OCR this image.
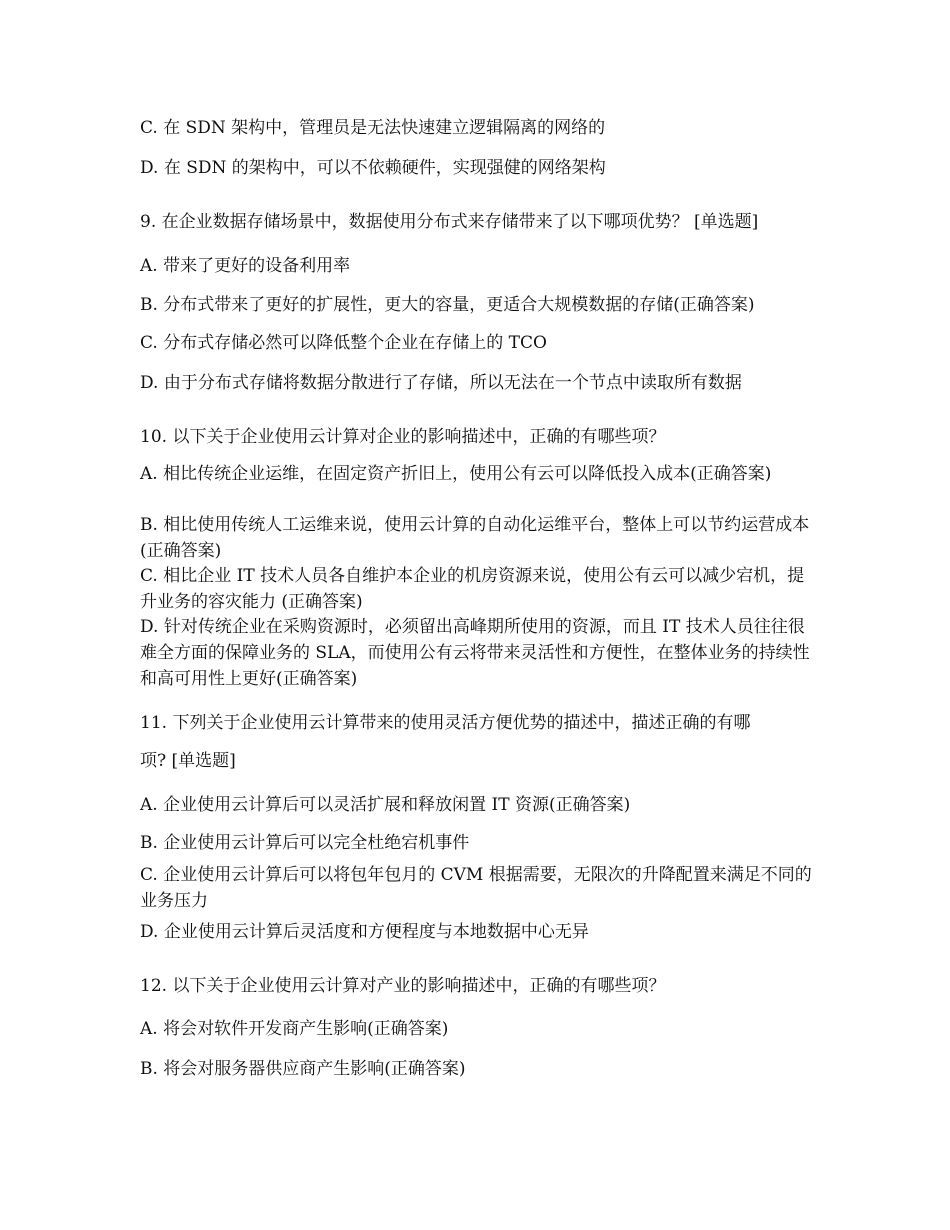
C. 在 SDN 架构中，管理员是无法快速建立逻辑隔离的网络的
D. 在 SDN 的架构中，可以不依赖硬件，实现强健的网络架构
9. 在企业数据存储场景中，数据使用分布式来存储带来了以下哪项优势？ [单选题]
A. 带来了更好的设备利用率
B. 分布式带来了更好的扩展性，更大的容量，更适合大规模数据的存储(正确答案)
C. 分布式存储必然可以降低整个企业在存储上的 TCO
D. 由于分布式存储将数据分散进行了存储，所以无法在一个节点中读取所有数据
10. 以下关于企业使用云计算对企业的影响描述中，正确的有哪些项？
A. 相比传统企业运维，在固定资产折旧上，使用公有云可以降低投入成本(正确答案)
B. 相比使用传统人工运维来说，使用云计算的自动化运维平台，整体上可以节约运营成本(正确答案)
C. 相比企业 IT 技术人员各自维护本企业的机房资源来说，使用公有云可以减少宕机，提升业务的容灾能力 (正确答案)
D. 针对传统企业在采购资源时，必须留出高峰期所使用的资源，而且 IT 技术人员往往很难全方面的保障业务的 SLA，而使用公有云将带来灵活性和方便性，在整体业务的持续性和高可用性上更好(正确答案)
11. 下列关于企业使用云计算带来的使用灵活方便优势的描述中，描述正确的有哪
项? [单选题]
A. 企业使用云计算后可以灵活扩展和释放闲置 IT 资源(正确答案)
B. 企业使用云计算后可以完全杜绝宕机事件
C. 企业使用云计算后可以将包年包月的 CVM 根据需要，无限次的升降配置来满足不同的业务压力
D. 企业使用云计算后灵活度和方便程度与本地数据中心无异
12. 以下关于企业使用云计算对产业的影响描述中，正确的有哪些项？
A. 将会对软件开发商产生影响(正确答案)
B. 将会对服务器供应商产生影响(正确答案)
